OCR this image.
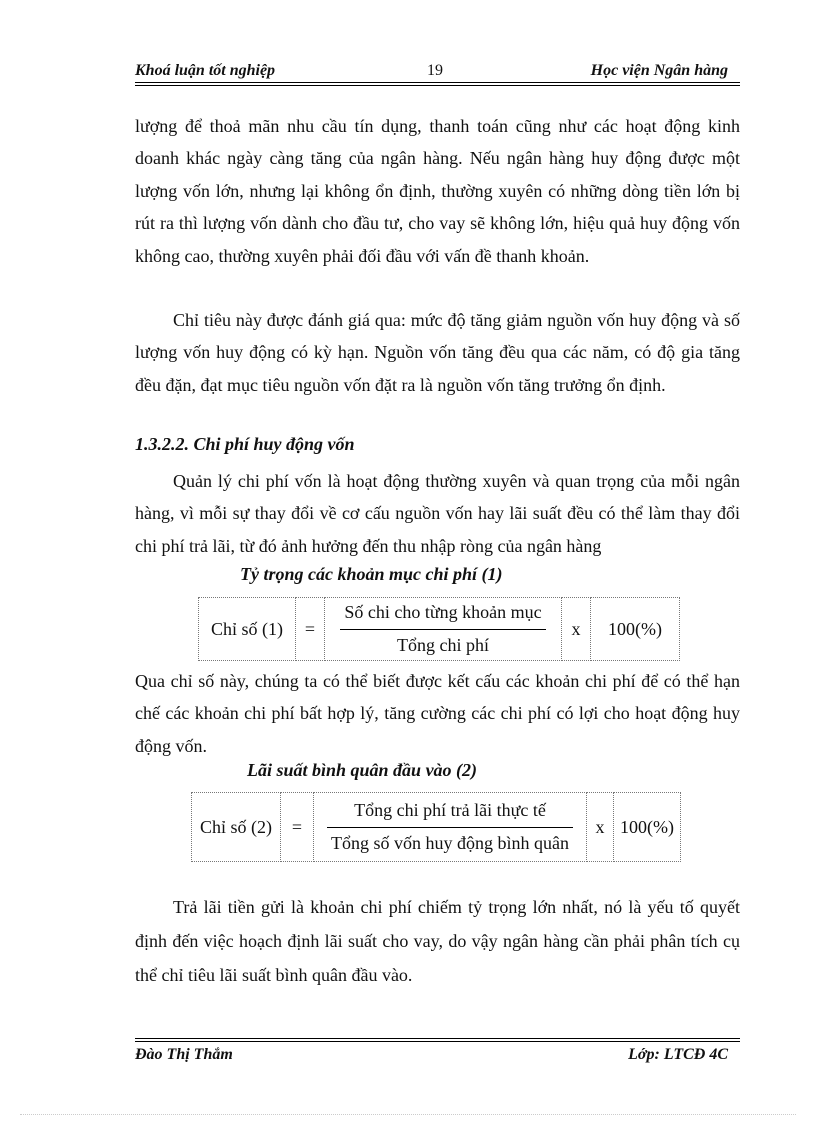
Khoá luận tốt nghiệp	19	Học viện Ngân hàng

lượng để thoả mãn nhu cầu tín dụng, thanh toán cũng như các hoạt động kinh doanh khác ngày càng tăng của ngân hàng. Nếu ngân hàng huy động được một lượng vốn lớn, nhưng lại không ổn định, thường xuyên có những dòng tiền lớn bị rút ra thì lượng vốn dành cho đầu tư, cho vay sẽ không lớn, hiệu quả huy động vốn không cao, thường xuyên phải đối đầu với vấn đề thanh khoản.

Chỉ tiêu này được đánh giá qua: mức độ tăng giảm nguồn vốn huy động và số lượng vốn huy động có kỳ hạn. Nguồn vốn tăng đều qua các năm, có độ gia tăng đều đặn, đạt mục tiêu nguồn vốn đặt ra là nguồn vốn tăng trưởng ổn định.

1.3.2.2. Chi phí huy động vốn

Quản lý chi phí vốn là hoạt động thường xuyên và quan trọng của mỗi ngân hàng, vì mỗi sự thay đổi về cơ cấu nguồn vốn hay lãi suất đều có thể làm thay đổi chi phí trả lãi, từ đó ảnh hưởng đến thu nhập ròng của ngân hàng

Tỷ trọng các khoản mục chi phí (1)
Chỉ số (1)	=	$\frac{\text{Số chi cho từng khoản mục}}{\text{Tổng chi phí}}$	x	100(%)

Qua chỉ số này, chúng ta có thể biết được kết cấu các khoản chi phí để có thể hạn chế các khoản chi phí bất hợp lý, tăng cường các chi phí có lợi cho hoạt động huy động vốn.

Lãi suất bình quân đầu vào (2)
Chỉ số (2)	=	$\frac{\text{Tổng chi phí trả lãi thực tế}}{\text{Tổng số vốn huy động bình quân}}$	x	100(%)

Trả lãi tiền gửi là khoản chi phí chiếm tỷ trọng lớn nhất, nó là yếu tố quyết định đến việc hoạch định lãi suất cho vay, do vậy ngân hàng cần phải phân tích cụ thể chỉ tiêu lãi suất bình quân đầu vào.

Đào Thị Thắm	Lớp: LTCĐ 4C
